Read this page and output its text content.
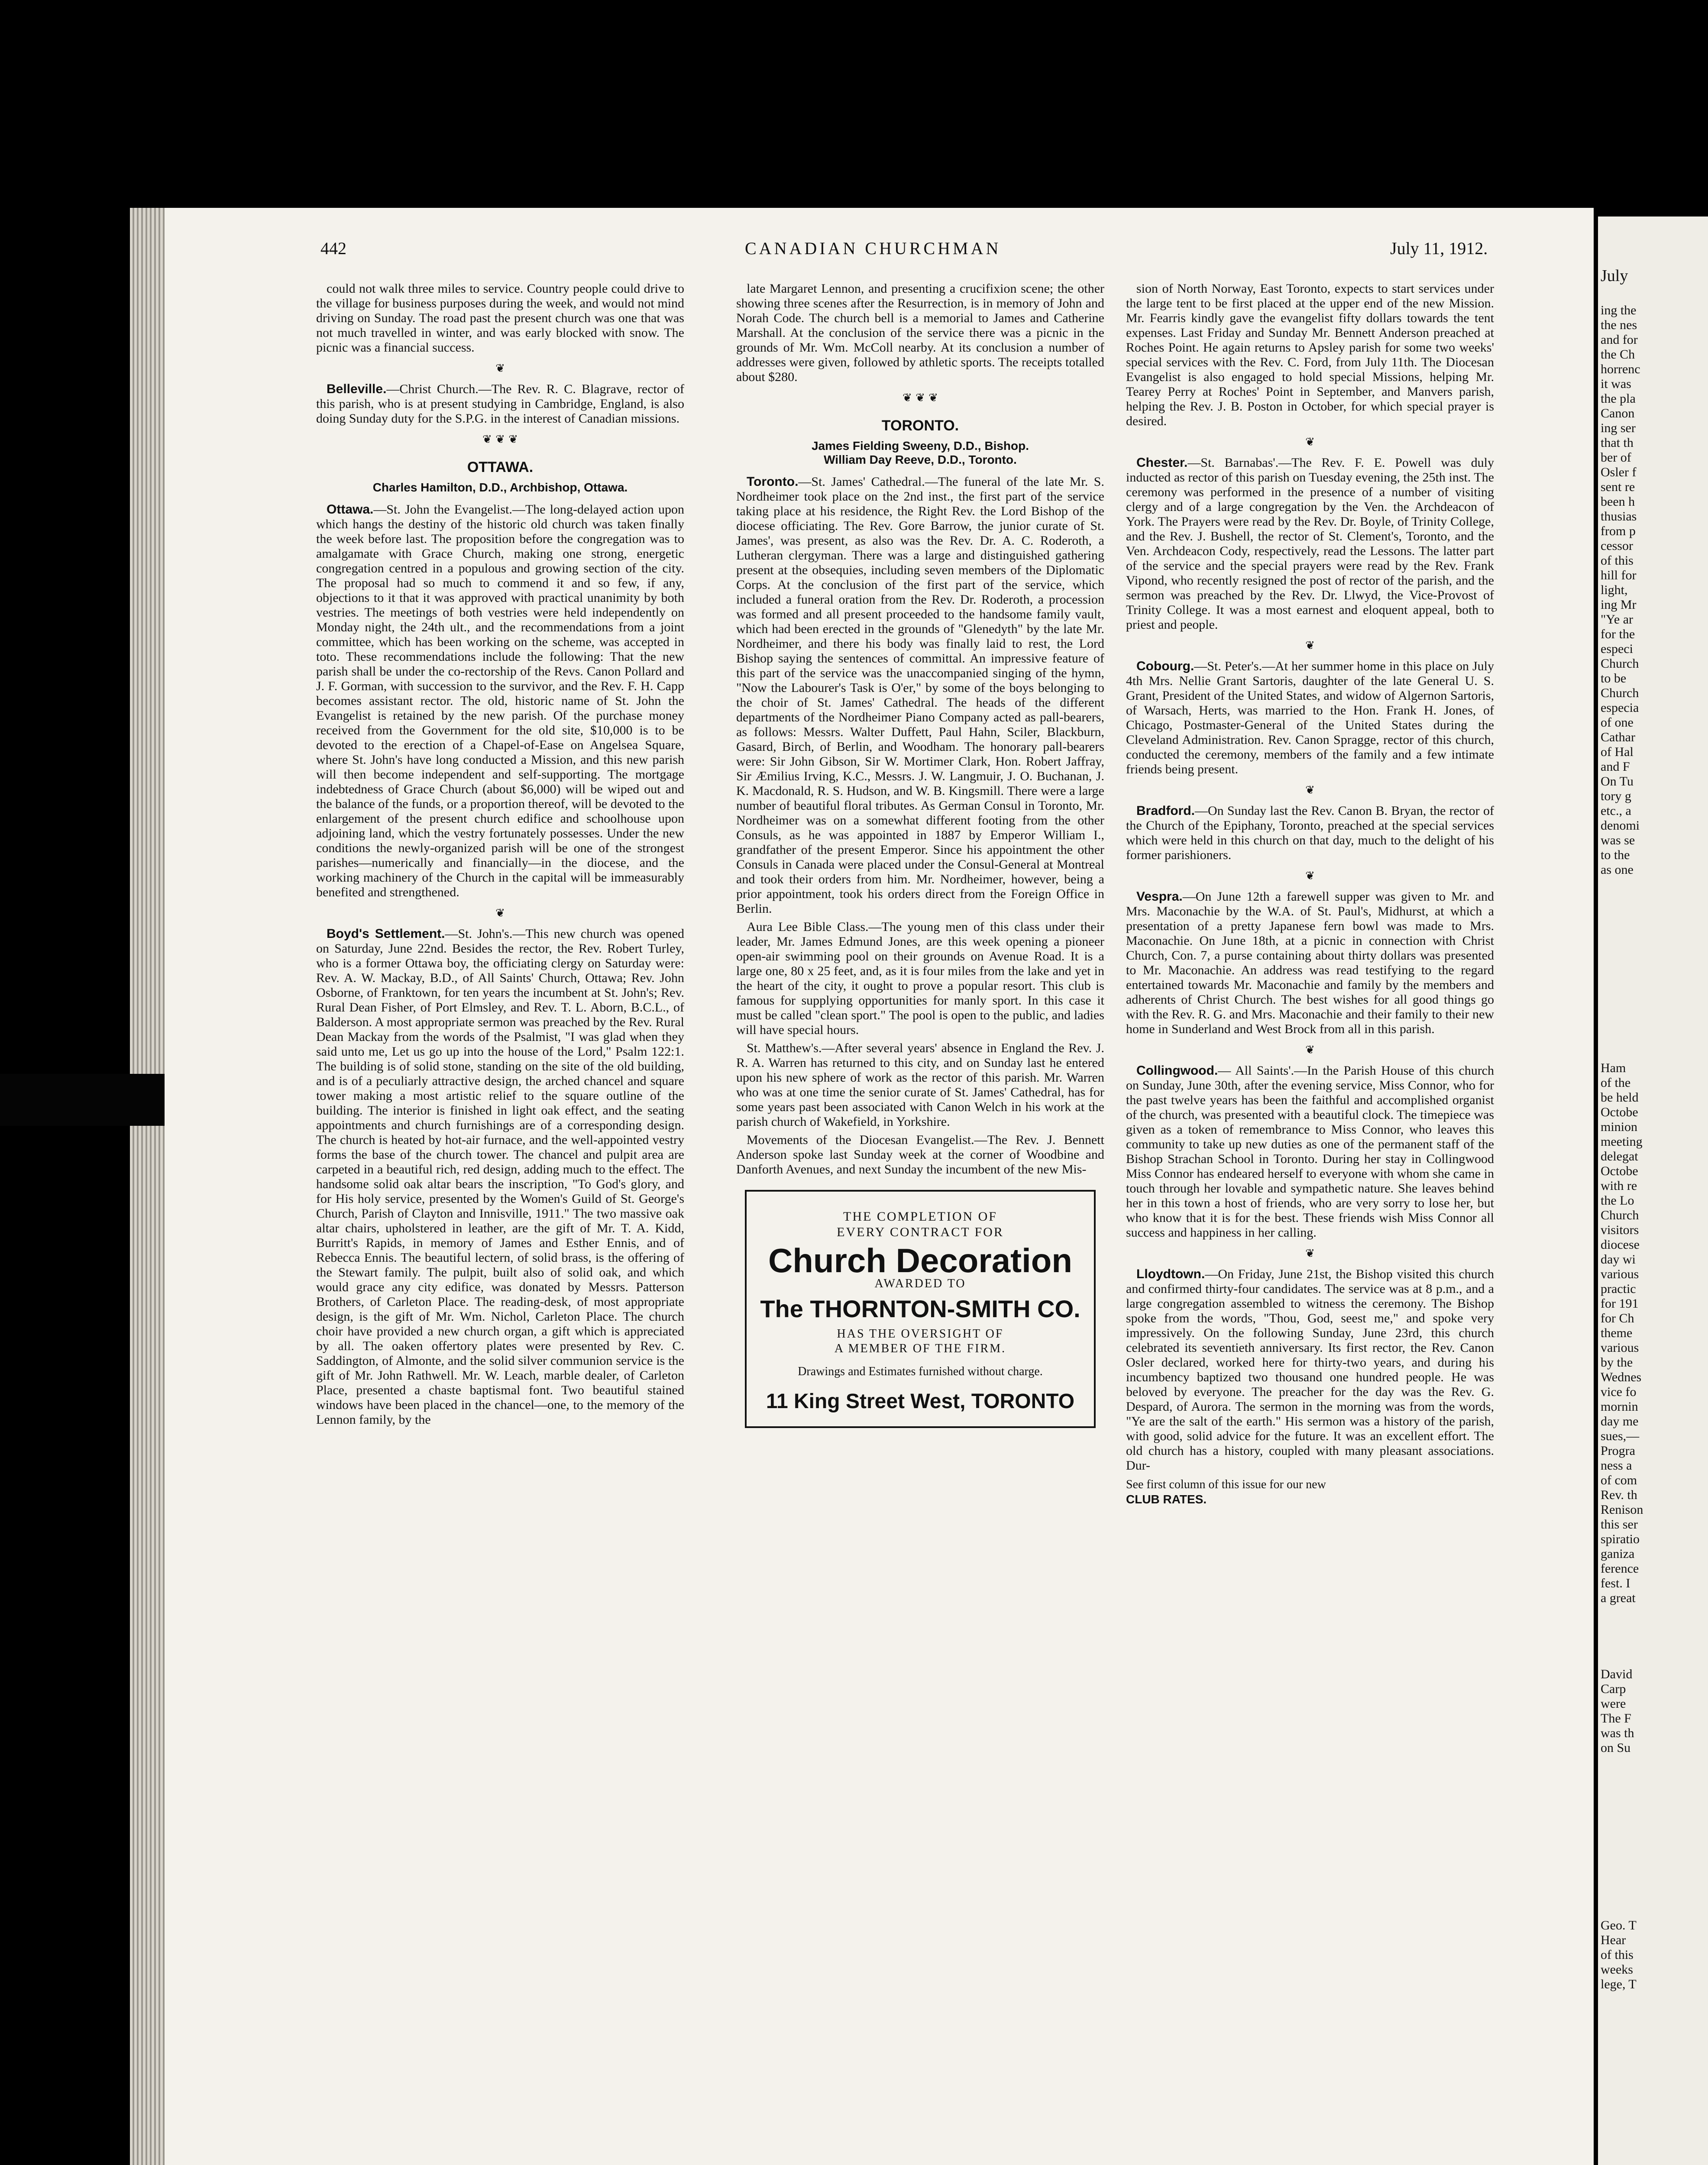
442	CANADIAN CHURCHMAN	July 11, 1912.

could not walk three miles to service. Country people could drive to the village for business purposes during the week, and would not mind driving on Sunday. The road past the present church was one that was not much travelled in winter, and was early blocked with snow. The picnic was a financial success.

❦

Belleville.—Christ Church.—The Rev. R. C. Blagrave, rector of this parish, who is at present studying in Cambridge, England, is also doing Sunday duty for the S.P.G. in the interest of Canadian missions.

❦ ❦ ❦
OTTAWA.
Charles Hamilton, D.D., Archbishop, Ottawa.

Ottawa.—St. John the Evangelist.—The long-delayed action upon which hangs the destiny of the historic old church was taken finally the week before last. The proposition before the congregation was to amalgamate with Grace Church, making one strong, energetic congregation centred in a populous and growing section of the city. The proposal had so much to commend it and so few, if any, objections to it that it was approved with practical unanimity by both vestries. The meetings of both vestries were held independently on Monday night, the 24th ult., and the recommendations from a joint committee, which has been working on the scheme, was accepted in toto. These recommendations include the following: That the new parish shall be under the co-rectorship of the Revs. Canon Pollard and J. F. Gorman, with succession to the survivor, and the Rev. F. H. Capp becomes assistant rector. The old, historic name of St. John the Evangelist is retained by the new parish. Of the purchase money received from the Government for the old site, $10,000 is to be devoted to the erection of a Chapel-of-Ease on Angelsea Square, where St. John's have long conducted a Mission, and this new parish will then become independent and self-supporting. The mortgage indebtedness of Grace Church (about $6,000) will be wiped out and the balance of the funds, or a proportion thereof, will be devoted to the enlargement of the present church edifice and schoolhouse upon adjoining land, which the vestry fortunately possesses. Under the new conditions the newly-organized parish will be one of the strongest parishes—numerically and financially—in the diocese, and the working machinery of the Church in the capital will be immeasurably benefited and strengthened.

❦

Boyd's Settlement.—St. John's.—This new church was opened on Saturday, June 22nd. Besides the rector, the Rev. Robert Turley, who is a former Ottawa boy, the officiating clergy on Saturday were: Rev. A. W. Mackay, B.D., of All Saints' Church, Ottawa; Rev. John Osborne, of Franktown, for ten years the incumbent at St. John's; Rev. Rural Dean Fisher, of Port Elmsley, and Rev. T. L. Aborn, B.C.L., of Balderson. A most appropriate sermon was preached by the Rev. Rural Dean Mackay from the words of the Psalmist, "I was glad when they said unto me, Let us go up into the house of the Lord," Psalm 122:1. The building is of solid stone, standing on the site of the old building, and is of a peculiarly attractive design, the arched chancel and square tower making a most artistic relief to the square outline of the building. The interior is finished in light oak effect, and the seating appointments and church furnishings are of a corresponding design. The church is heated by hot-air furnace, and the well-appointed vestry forms the base of the church tower. The chancel and pulpit area are carpeted in a beautiful rich, red design, adding much to the effect. The handsome solid oak altar bears the inscription, "To God's glory, and for His holy service, presented by the Women's Guild of St. George's Church, Parish of Clayton and Innisville, 1911." The two massive oak altar chairs, upholstered in leather, are the gift of Mr. T. A. Kidd, Burritt's Rapids, in memory of James and Esther Ennis, and of Rebecca Ennis. The beautiful lectern, of solid brass, is the offering of the Stewart family. The pulpit, built also of solid oak, and which would grace any city edifice, was donated by Messrs. Patterson Brothers, of Carleton Place. The reading-desk, of most appropriate design, is the gift of Mr. Wm. Nichol, Carleton Place. The church choir have provided a new church organ, a gift which is appreciated by all. The oaken offertory plates were presented by Rev. C. Saddington, of Almonte, and the solid silver communion service is the gift of Mr. John Rathwell. Mr. W. Leach, marble dealer, of Carleton Place, presented a chaste baptismal font. Two beautiful stained windows have been placed in the chancel—one, to the memory of the Lennon family, by the

late Margaret Lennon, and presenting a crucifixion scene; the other showing three scenes after the Resurrection, is in memory of John and Norah Code. The church bell is a memorial to James and Catherine Marshall. At the conclusion of the service there was a picnic in the grounds of Mr. Wm. McColl nearby. At its conclusion a number of addresses were given, followed by athletic sports. The receipts totalled about $280.

❦ ❦ ❦
TORONTO.
James Fielding Sweeny, D.D., Bishop.
William Day Reeve, D.D., Toronto.

Toronto.—St. James' Cathedral.—The funeral of the late Mr. S. Nordheimer took place on the 2nd inst., the first part of the service taking place at his residence, the Right Rev. the Lord Bishop of the diocese officiating. The Rev. Gore Barrow, the junior curate of St. James', was present, as also was the Rev. Dr. A. C. Roderoth, a Lutheran clergyman. There was a large and distinguished gathering present at the obsequies, including seven members of the Diplomatic Corps. At the conclusion of the first part of the service, which included a funeral oration from the Rev. Dr. Roderoth, a procession was formed and all present proceeded to the handsome family vault, which had been erected in the grounds of "Glenedyth" by the late Mr. Nordheimer, and there his body was finally laid to rest, the Lord Bishop saying the sentences of committal. An impressive feature of this part of the service was the unaccompanied singing of the hymn, "Now the Labourer's Task is O'er," by some of the boys belonging to the choir of St. James' Cathedral. The heads of the different departments of the Nordheimer Piano Company acted as pall-bearers, as follows: Messrs. Walter Duffett, Paul Hahn, Sciler, Blackburn, Gasard, Birch, of Berlin, and Woodham. The honorary pall-bearers were: Sir John Gibson, Sir W. Mortimer Clark, Hon. Robert Jaffray, Sir Æmilius Irving, K.C., Messrs. J. W. Langmuir, J. O. Buchanan, J. K. Macdonald, R. S. Hudson, and W. B. Kingsmill. There were a large number of beautiful floral tributes. As German Consul in Toronto, Mr. Nordheimer was on a somewhat different footing from the other Consuls, as he was appointed in 1887 by Emperor William I., grandfather of the present Emperor. Since his appointment the other Consuls in Canada were placed under the Consul-General at Montreal and took their orders from him. Mr. Nordheimer, however, being a prior appointment, took his orders direct from the Foreign Office in Berlin.

Aura Lee Bible Class.—The young men of this class under their leader, Mr. James Edmund Jones, are this week opening a pioneer open-air swimming pool on their grounds on Avenue Road. It is a large one, 80 x 25 feet, and, as it is four miles from the lake and yet in the heart of the city, it ought to prove a popular resort. This club is famous for supplying opportunities for manly sport. In this case it must be called "clean sport." The pool is open to the public, and ladies will have special hours.

St. Matthew's.—After several years' absence in England the Rev. J. R. A. Warren has returned to this city, and on Sunday last he entered upon his new sphere of work as the rector of this parish. Mr. Warren who was at one time the senior curate of St. James' Cathedral, has for some years past been associated with Canon Welch in his work at the parish church of Wakefield, in Yorkshire.

Movements of the Diocesan Evangelist.—The Rev. J. Bennett Anderson spoke last Sunday week at the corner of Woodbine and Danforth Avenues, and next Sunday the incumbent of the new Mis-

THE COMPLETION OF
EVERY CONTRACT FOR
Church Decoration
AWARDED TO
The THORNTON-SMITH CO.
HAS THE OVERSIGHT OF
A MEMBER OF THE FIRM.
Drawings and Estimates furnished without charge.
11 King Street West, TORONTO

sion of North Norway, East Toronto, expects to start services under the large tent to be first placed at the upper end of the new Mission. Mr. Fearris kindly gave the evangelist fifty dollars towards the tent expenses. Last Friday and Sunday Mr. Bennett Anderson preached at Roches Point. He again returns to Apsley parish for some two weeks' special services with the Rev. C. Ford, from July 11th. The Diocesan Evangelist is also engaged to hold special Missions, helping Mr. Tearey Perry at Roches' Point in September, and Manvers parish, helping the Rev. J. B. Poston in October, for which special prayer is desired.

❦

Chester.—St. Barnabas'.—The Rev. F. E. Powell was duly inducted as rector of this parish on Tuesday evening, the 25th inst. The ceremony was performed in the presence of a number of visiting clergy and of a large congregation by the Ven. the Archdeacon of York. The Prayers were read by the Rev. Dr. Boyle, of Trinity College, and the Rev. J. Bushell, the rector of St. Clement's, Toronto, and the Ven. Archdeacon Cody, respectively, read the Lessons. The latter part of the service and the special prayers were read by the Rev. Frank Vipond, who recently resigned the post of rector of the parish, and the sermon was preached by the Rev. Dr. Llwyd, the Vice-Provost of Trinity College. It was a most earnest and eloquent appeal, both to priest and people.

❦

Cobourg.—St. Peter's.—At her summer home in this place on July 4th Mrs. Nellie Grant Sartoris, daughter of the late General U. S. Grant, President of the United States, and widow of Algernon Sartoris, of Warsach, Herts, was married to the Hon. Frank H. Jones, of Chicago, Postmaster-General of the United States during the Cleveland Administration. Rev. Canon Spragge, rector of this church, conducted the ceremony, members of the family and a few intimate friends being present.

❦

Bradford.—On Sunday last the Rev. Canon B. Bryan, the rector of the Church of the Epiphany, Toronto, preached at the special services which were held in this church on that day, much to the delight of his former parishioners.

❦

Vespra.—On June 12th a farewell supper was given to Mr. and Mrs. Maconachie by the W.A. of St. Paul's, Midhurst, at which a presentation of a pretty Japanese fern bowl was made to Mrs. Maconachie. On June 18th, at a picnic in connection with Christ Church, Con. 7, a purse containing about thirty dollars was presented to Mr. Maconachie. An address was read testifying to the regard entertained towards Mr. Maconachie and family by the members and adherents of Christ Church. The best wishes for all good things go with the Rev. R. G. and Mrs. Maconachie and their family to their new home in Sunderland and West Brock from all in this parish.

❦

Collingwood.— All Saints'.—In the Parish House of this church on Sunday, June 30th, after the evening service, Miss Connor, who for the past twelve years has been the faithful and accomplished organist of the church, was presented with a beautiful clock. The timepiece was given as a token of remembrance to Miss Connor, who leaves this community to take up new duties as one of the permanent staff of the Bishop Strachan School in Toronto. During her stay in Collingwood Miss Connor has endeared herself to everyone with whom she came in touch through her lovable and sympathetic nature. She leaves behind her in this town a host of friends, who are very sorry to lose her, but who know that it is for the best. These friends wish Miss Connor all success and happiness in her calling.

❦

Lloydtown.—On Friday, June 21st, the Bishop visited this church and confirmed thirty-four candidates. The service was at 8 p.m., and a large congregation assembled to witness the ceremony. The Bishop spoke from the words, "Thou, God, seest me," and spoke very impressively. On the following Sunday, June 23rd, this church celebrated its seventieth anniversary. Its first rector, the Rev. Canon Osler declared, worked here for thirty-two years, and during his incumbency baptized two thousand one hundred people. He was beloved by everyone. The preacher for the day was the Rev. G. Despard, of Aurora. The sermon in the morning was from the words, "Ye are the salt of the earth." His sermon was a history of the parish, with good, solid advice for the future. It was an excellent effort. The old church has a history, coupled with many pleasant associations. Dur-

See first column of this issue for our new
CLUB RATES.
July
ing the
the nes
and for
the Ch
horrenc
it was
the pla
Canon
ing ser
that th
ber of
Osler f
sent re
been h
thusias
from p
cessor
of this
hill for
light,
ing Mr
"Ye ar
for the
especi
Church
to be
Church
especia
of one
Cathar
of Hal
and F
On Tu
tory g
etc., a
denomi
was se
to the
as one
Ham
of the
be held
Octobe
minion
meeting
delegat
Octobe
with re
the Lo
Church
visitors
diocese
day wi
various
practic
for 191
for Ch
theme
various
by the
Wednes
vice fo
mornin
day me
sues,—
Progra
ness a
of com
Rev. th
Renison
this ser
spiratio
ganiza
ference
fest. I
a great
David
Carp
were
The F
was th
on Su
Geo. T
Hear
of this
weeks
lege, T
